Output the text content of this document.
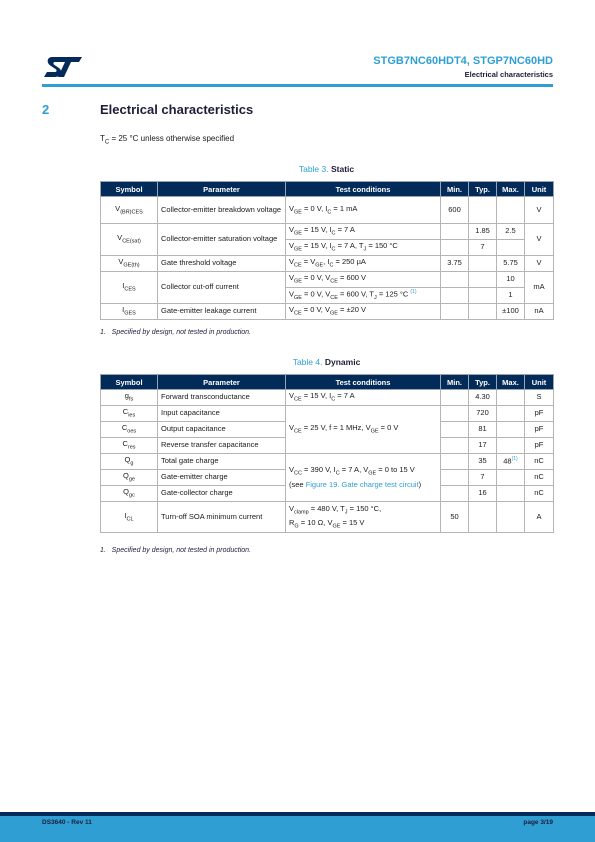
STGB7NC60HDT4, STGP7NC60HD
Electrical characteristics
2	Electrical characteristics
$T_C = 25$ °C unless otherwise specified
Table 3. Static
Symbol	Parameter	Test conditions	Min.	Typ.	Max.	Unit
$V_{(BR)CES}$	Collector-emitter breakdown voltage	$V_{GE} = 0$ V, $I_C = 1$ mA	600			V
$V_{CE(sat)}$	Collector-emitter saturation voltage	$V_{GE} = 15$ V, $I_C = 7$ A		1.85	2.5	V
		$V_{GE} = 15$ V, $I_C = 7$ A, $T_J = 150$ °C		7		
$V_{GE(th)}$	Gate threshold voltage	$V_{CE} = V_{GE}$, $I_C = 250$ µA	3.75		5.75	V
$I_{CES}$	Collector cut-off current	$V_{GE} = 0$ V, $V_{CE} = 600$ V			10	mA
		$V_{GE} = 0$ V, $V_{CE} = 600$ V, $T_J = 125$ °C $^{(1)}$			1	
$I_{GES}$	Gate-emitter leakage current	$V_{CE} = 0$ V, $V_{GE} = \pm 20$ V			±100	nA
1.   Specified by design, not tested in production.
Table 4. Dynamic
Symbol	Parameter	Test conditions	Min.	Typ.	Max.	Unit
$g_{fs}$	Forward transconductance	$V_{CE} = 15$ V, $I_C = 7$ A		4.30		S
$C_{ies}$	Input capacitance	$V_{CE} = 25$ V, f = 1 MHz, $V_{GE} = 0$ V		720		pF
$C_{oes}$	Output capacitance			81		pF
$C_{res}$	Reverse transfer capacitance			17		pF
$Q_g$	Total gate charge	$V_{CC} = 390$ V, $I_C = 7$ A, $V_{GE} = 0$ to 15 V
(see Figure 19. Gate charge test circuit)		35	48$^{(1)}$	nC
$Q_{ge}$	Gate-emitter charge			7		nC
$Q_{gc}$	Gate-collector charge			16		nC
$I_{CL}$	Turn-off SOA minimum current	$V_{clamp} = 480$ V, $T_J = 150$ °C,
$R_G = 10$ Ω, $V_{GE} = 15$ V	50			A
1.   Specified by design, not tested in production.
DS3640 - Rev 11	page 3/19
